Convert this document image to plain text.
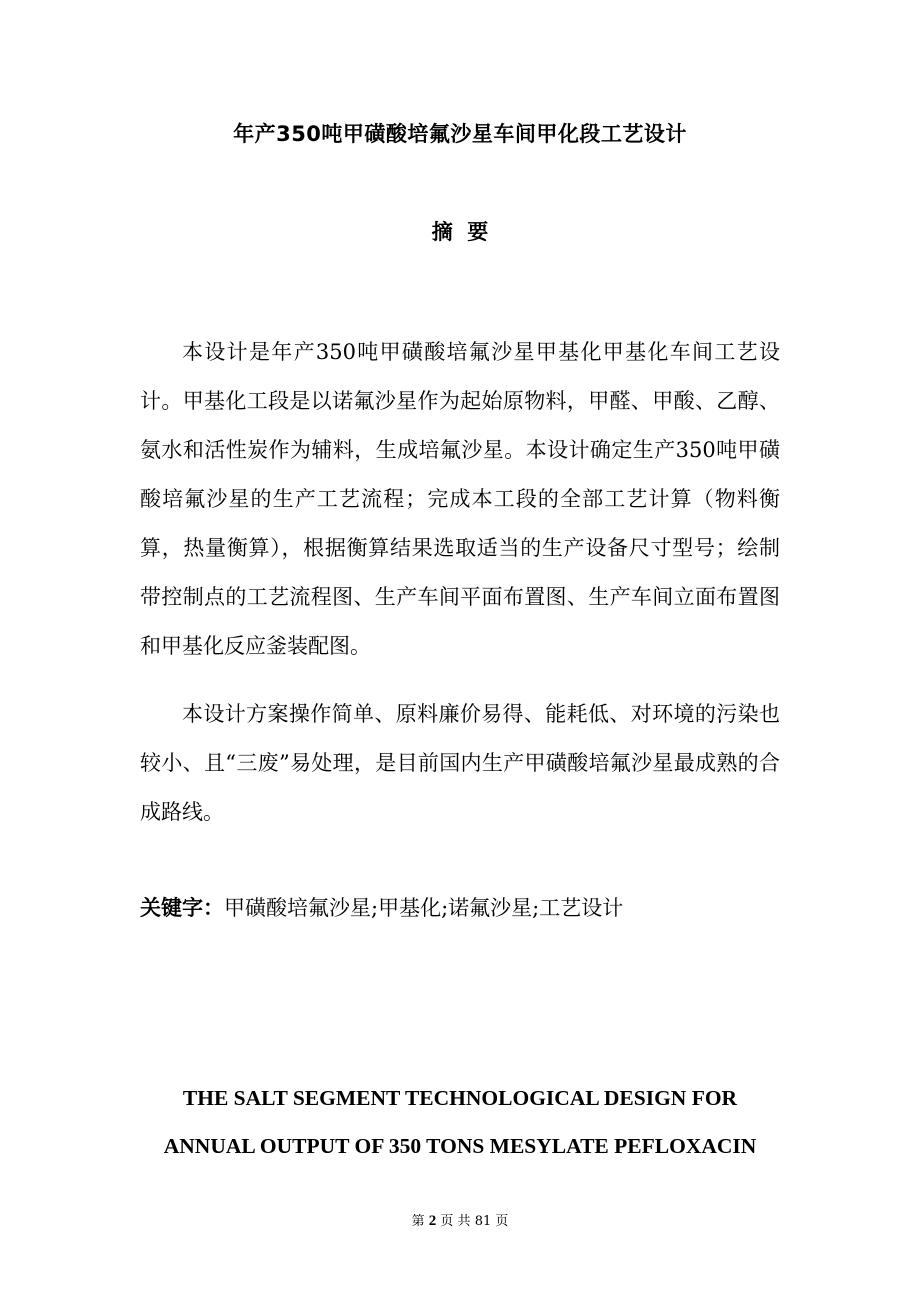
年产350吨甲磺酸培氟沙星车间甲化段工艺设计
摘  要

本设计是年产350吨甲磺酸培氟沙星甲基化甲基化车间工艺设计。甲基化工段是以诺氟沙星作为起始原物料，甲醛、甲酸、乙醇、氨水和活性炭作为辅料，生成培氟沙星。本设计确定生产350吨甲磺酸培氟沙星的生产工艺流程；完成本工段的全部工艺计算（物料衡算，热量衡算），根据衡算结果选取适当的生产设备尺寸型号；绘制带控制点的工艺流程图、生产车间平面布置图、生产车间立面布置图和甲基化反应釜装配图。

本设计方案操作简单、原料廉价易得、能耗低、对环境的污染也较小、且“三废”易处理，是目前国内生产甲磺酸培氟沙星最成熟的合成路线。

关键字：甲磺酸培氟沙星;甲基化;诺氟沙星;工艺设计

THE SALT SEGMENT TECHNOLOGICAL DESIGN FOR
ANNUAL OUTPUT OF 350 TONS MESYLATE PEFLOXACIN
第 2 页 共 81 页
